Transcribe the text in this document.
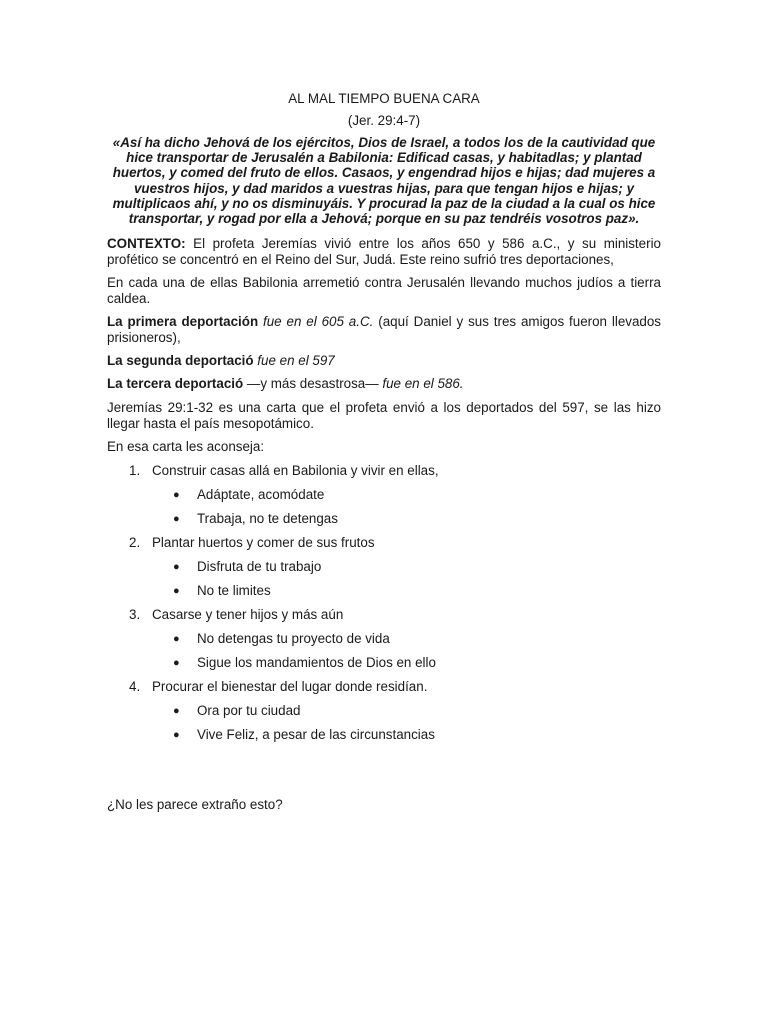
AL MAL TIEMPO BUENA CARA
(Jer. 29:4-7)
«Así ha dicho Jehová de los ejércitos, Dios de Israel, a todos los de la cautividad que hice transportar de Jerusalén a Babilonia: Edificad casas, y habitadlas; y plantad huertos, y comed del fruto de ellos. Casaos, y engendrad hijos e hijas; dad mujeres a vuestros hijos, y dad maridos a vuestras hijas, para que tengan hijos e hijas; y multiplicaos ahí, y no os disminuyáis. Y procurad la paz de la ciudad a la cual os hice transportar, y rogad por ella a Jehová; porque en su paz tendréis vosotros paz».
CONTEXTO: El profeta Jeremías vivió entre los años 650 y 586 a.C., y su ministerio profético se concentró en el Reino del Sur, Judá. Este reino sufrió tres deportaciones,
En cada una de ellas Babilonia arremetió contra Jerusalén llevando muchos judíos a tierra caldea.
La primera deportación fue en el 605 a.C. (aquí Daniel y sus tres amigos fueron llevados prisioneros),
La segunda deportació fue en el 597
La tercera deportació —y más desastrosa— fue en el 586.
Jeremías 29:1-32 es una carta que el profeta envió a los deportados del 597, se las hizo llegar hasta el país mesopotámico.
En esa carta les aconseja:
1. Construir casas allá en Babilonia y vivir en ellas,
● Adáptate, acomódate
● Trabaja, no te detengas
2. Plantar huertos y comer de sus frutos
● Disfruta de tu trabajo
● No te limites
3. Casarse y tener hijos y más aún
● No detengas tu proyecto de vida
● Sigue los mandamientos de Dios en ello
4. Procurar el bienestar del lugar donde residían.
● Ora por tu ciudad
● Vive Feliz, a pesar de las circunstancias
¿No les parece extraño esto?
